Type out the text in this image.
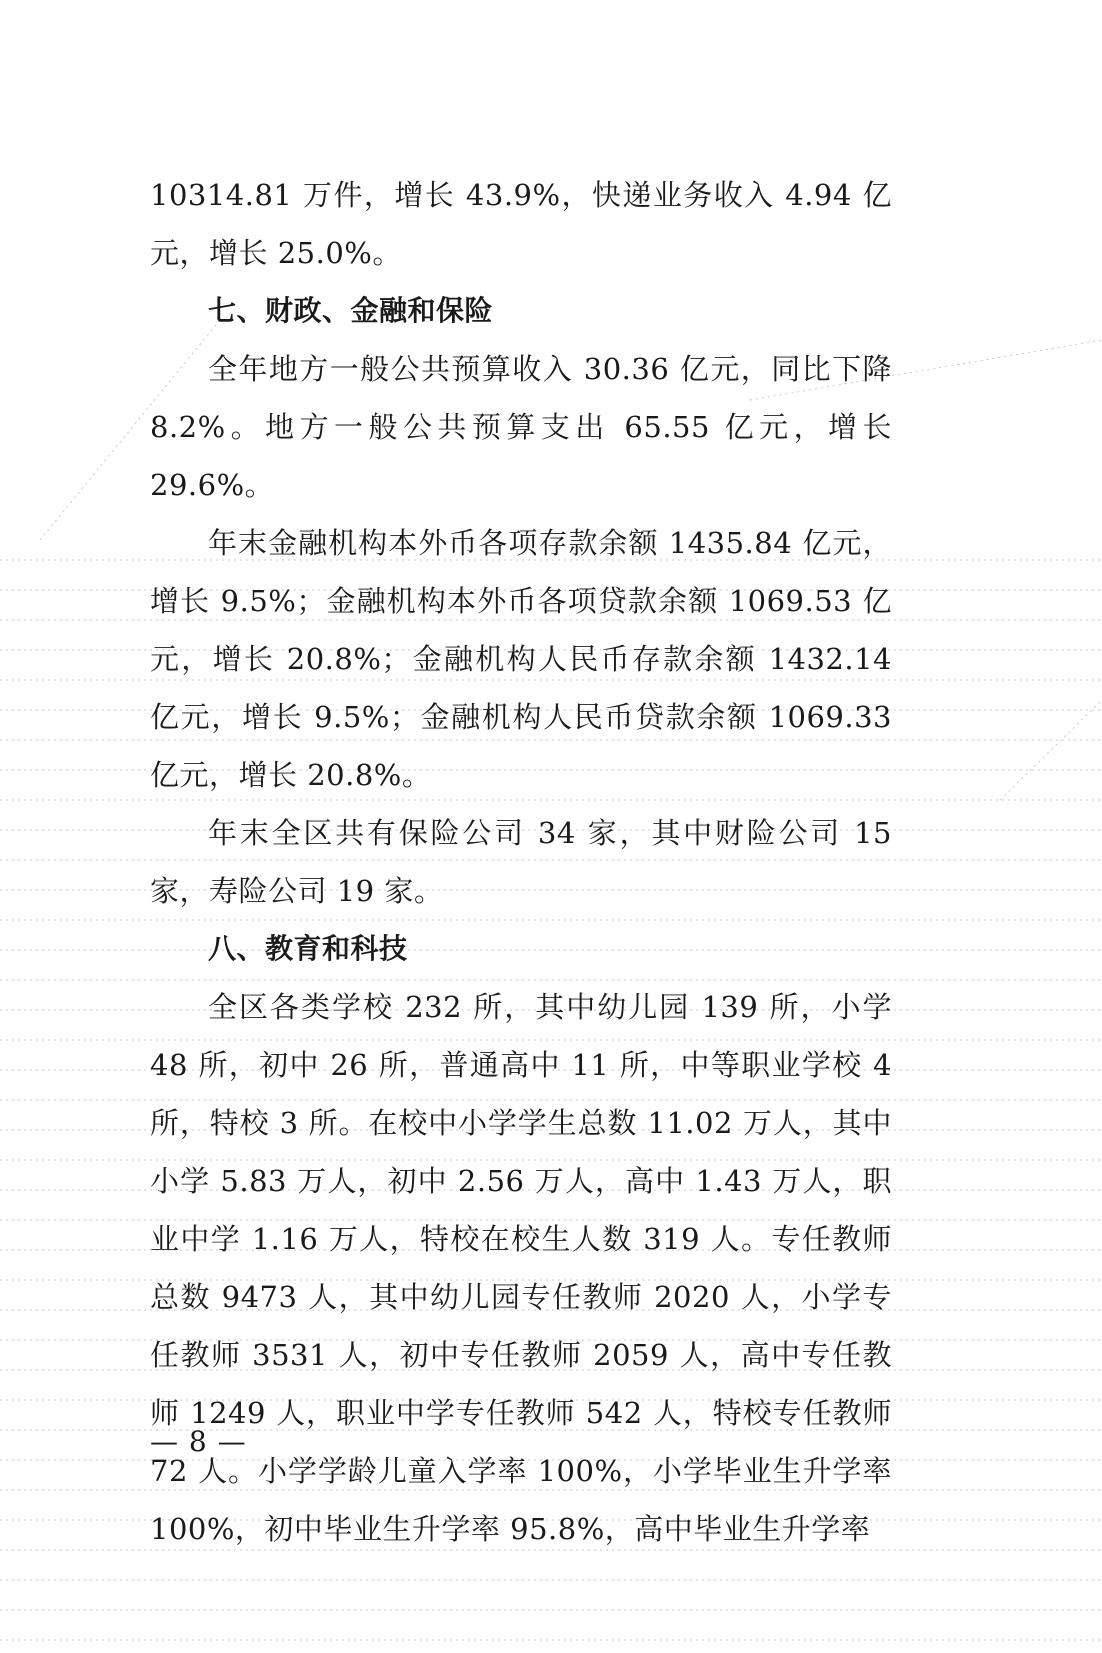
10314.81 万件，增长 43.9%，快递业务收入 4.94 亿元，增长 25.0%。

七、财政、金融和保险

全年地方一般公共预算收入 30.36 亿元，同比下降 8.2%。地方一般公共预算支出 65.55 亿元，增长 29.6%。

年末金融机构本外币各项存款余额 1435.84 亿元，增长 9.5%；金融机构本外币各项贷款余额 1069.53 亿元，增长 20.8%；金融机构人民币存款余额 1432.14 亿元，增长 9.5%；金融机构人民币贷款余额 1069.33 亿元，增长 20.8%。

年末全区共有保险公司 34 家，其中财险公司 15 家，寿险公司 19 家。

八、教育和科技

全区各类学校 232 所，其中幼儿园 139 所，小学 48 所，初中 26 所，普通高中 11 所，中等职业学校 4 所，特校 3 所。在校中小学学生总数 11.02 万人，其中小学 5.83 万人，初中 2.56 万人，高中 1.43 万人，职业中学 1.16 万人，特校在校生人数 319 人。专任教师总数 9473 人，其中幼儿园专任教师 2020 人，小学专任教师 3531 人，初中专任教师 2059 人，高中专任教师 1249 人，职业中学专任教师 542 人，特校专任教师 72 人。小学学龄儿童入学率 100%，小学毕业生升学率 100%，初中毕业生升学率 95.8%，高中毕业生升学率

— 8 —
